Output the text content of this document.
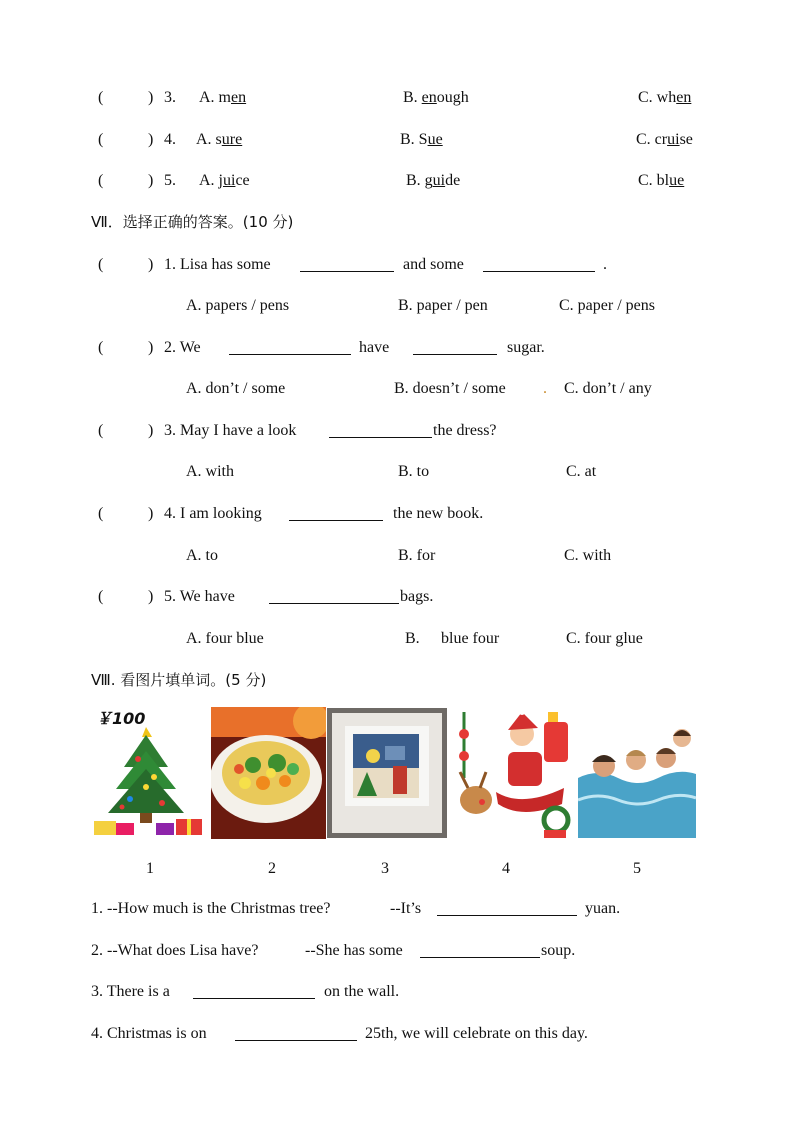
(	) 3. A. men	B. enough	C. when
(	) 4. A. sure	B. Sue	C. cruise
(	) 5. A. juice	B. guide	C. blue
Ⅶ．选择正确的答案。(10 分)
(	) 1. Lisa has some	and some	.
A. papers / pens	B. paper / pen	C. paper / pens
(	) 2. We	have	sugar.
A. don’t / some	B. doesn’t / some . C. don’t / any
(	) 3. May I have a look	the dress?
A. with	B. to	C. at
(	) 4. I am looking	the new book.
A. to	B. for	C. with
(	) 5. We have	bags.
A. four blue	B. blue four	C. four glue
Ⅷ. 看图片填单词。(5 分)
￥100
1	2	3	4	5
1. --How much is the Christmas tree?	--It’s	yuan.
2. --What does Lisa have?	--She has some	soup.
3. There is a	on the wall.
4. Christmas is on	25th, we will celebrate on this day.
